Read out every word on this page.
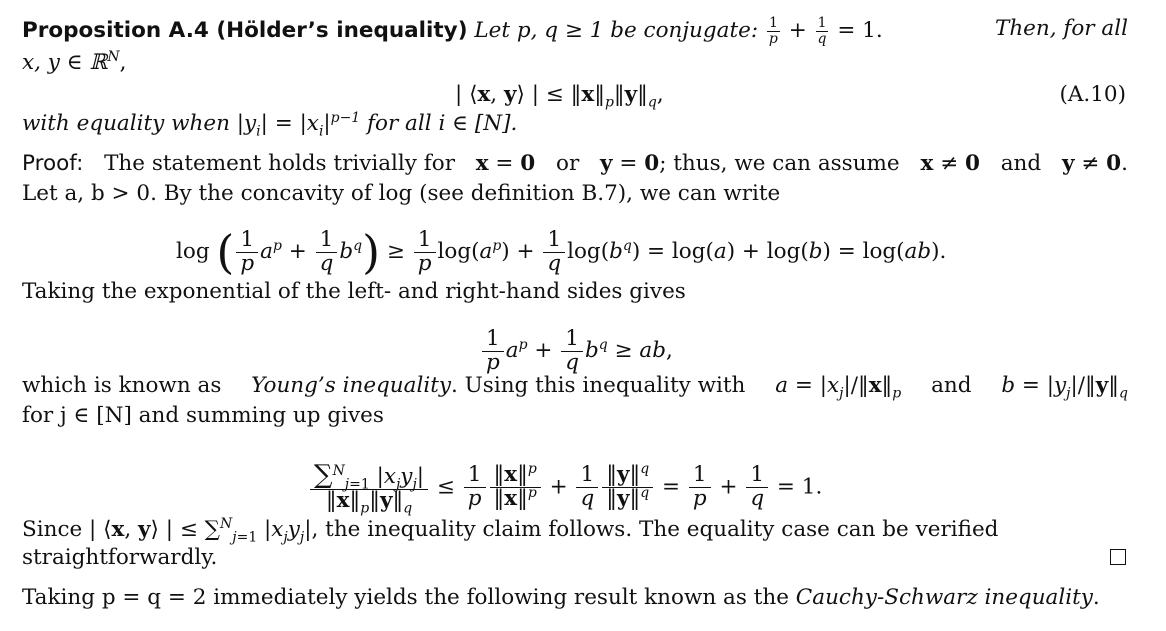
Proposition A.4 (Hölder’s inequality) Let p, q ≥ 1 be conjugate: $\frac{1}{p} + \frac{1}{q} = 1$.	Then, for all
x, y ∈ ℝ$^N$,
| ⟨x, y⟩ | ≤ $‖x‖_p‖y‖_q$,	(A.10)
with equality when $|y_i| = |x_i|^{p-1}$ for all i ∈ [N].
Proof: The statement holds trivially for x = 0 or y = 0; thus, we can assume x ≠ 0 and y ≠ 0.
Let a, b > 0. By the concavity of log (see definition B.7), we can write
log ( $\frac{1}{p} a^p + \frac{1}{q} b^q) \ge \frac{1}{p} \log(a^p) + \frac{1}{q} \log(b^q) = \log(a) + \log(b) = \log(ab)$.
Taking the exponential of the left- and right-hand sides gives
$\frac{1}{p} a^p + \frac{1}{q} b^q$ ≥ ab,
which is known as Young’s inequality. Using this inequality with $a = |x_j|/‖x‖_p$ and $b = |y_j|/‖y‖_q$
for j ∈ [N] and summing up gives
$\frac{\sum^N_{j=1} |x_jy_j|}{‖x‖_p‖y‖_q} \le \frac{1}{p} \frac{‖x‖^p}{‖x‖^p} + \frac{1}{q} \frac{‖y‖^q}{‖y‖^q} = \frac{1}{p} + \frac{1}{q} = 1$.
Since | ⟨x, y⟩ | ≤ ∑$^N_{j=1}$ $|x_jy_j|$, the inequality claim follows. The equality case can be verified
straightforwardly.
Taking p = q = 2 immediately yields the following result known as the Cauchy-Schwarz inequality.
